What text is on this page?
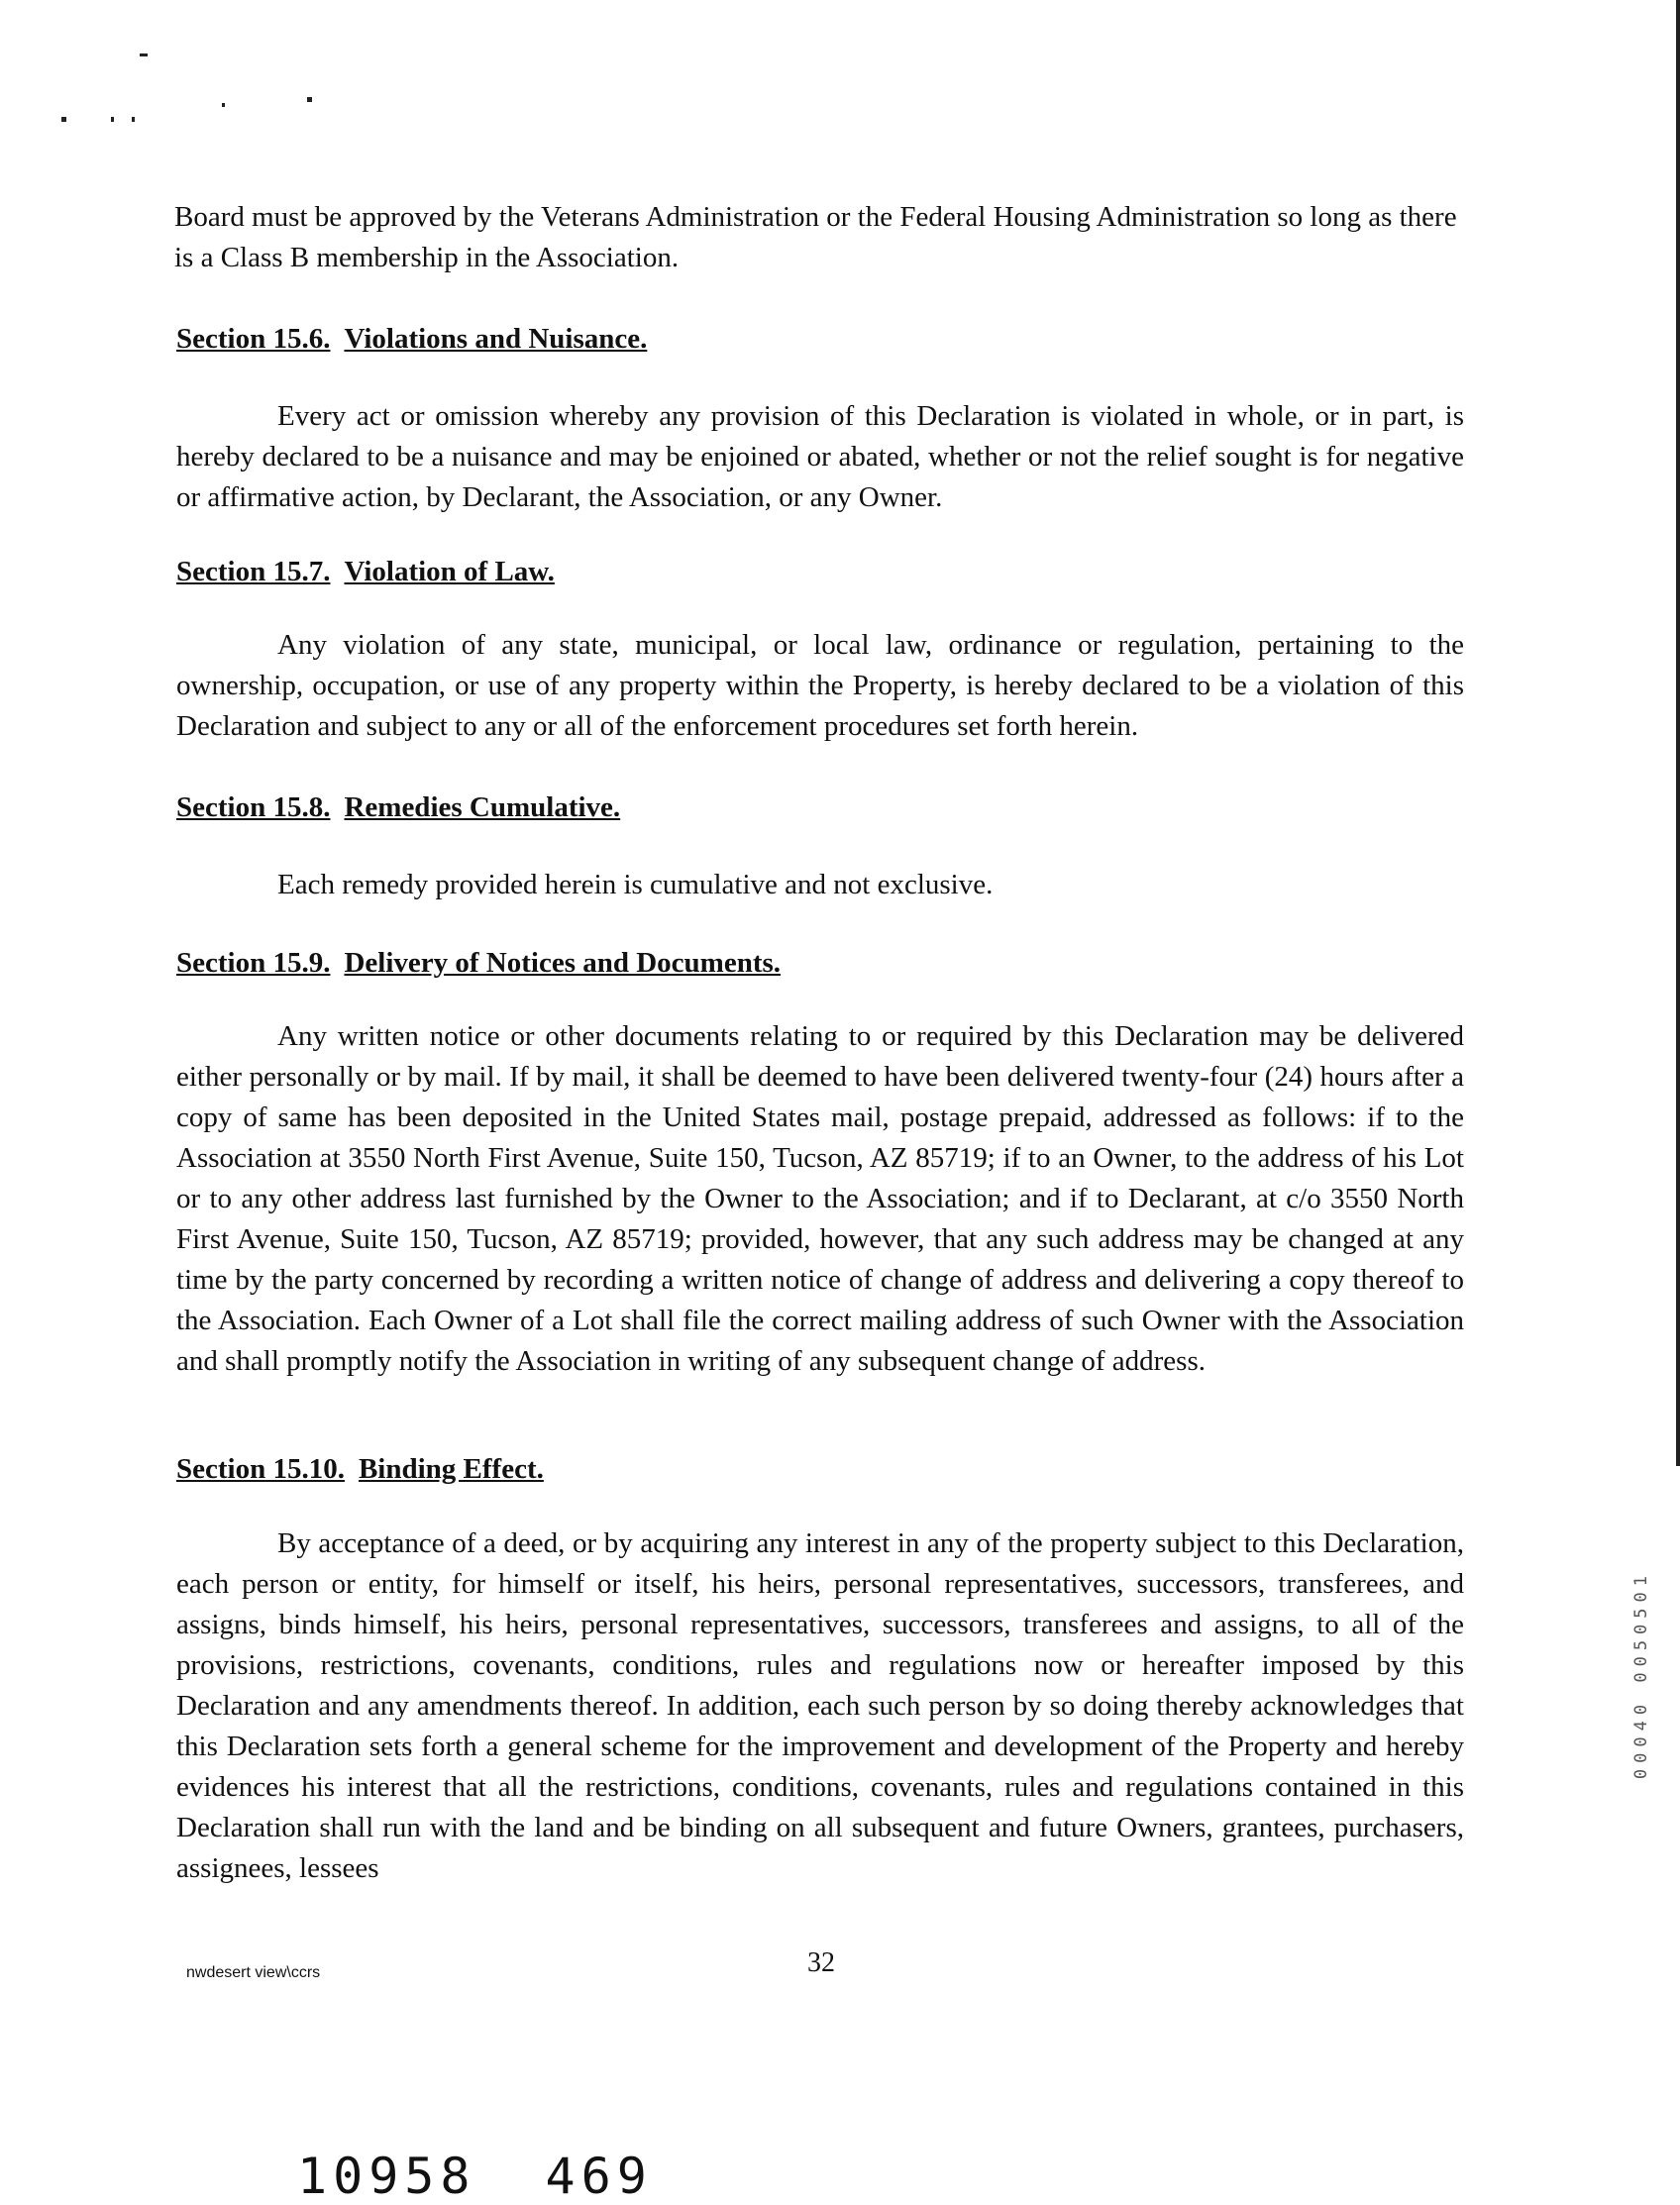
Board must be approved by the Veterans Administration or the Federal Housing Administration so long as there is a Class B membership in the Association.
Section 15.6. Violations and Nuisance.
Every act or omission whereby any provision of this Declaration is violated in whole, or in part, is hereby declared to be a nuisance and may be enjoined or abated, whether or not the relief sought is for negative or affirmative action, by Declarant, the Association, or any Owner.
Section 15.7. Violation of Law.
Any violation of any state, municipal, or local law, ordinance or regulation, pertaining to the ownership, occupation, or use of any property within the Property, is hereby declared to be a violation of this Declaration and subject to any or all of the enforcement procedures set forth herein.
Section 15.8. Remedies Cumulative.
Each remedy provided herein is cumulative and not exclusive.
Section 15.9. Delivery of Notices and Documents.
Any written notice or other documents relating to or required by this Declaration may be delivered either personally or by mail. If by mail, it shall be deemed to have been delivered twenty-four (24) hours after a copy of same has been deposited in the United States mail, postage prepaid, addressed as follows: if to the Association at 3550 North First Avenue, Suite 150, Tucson, AZ 85719; if to an Owner, to the address of his Lot or to any other address last furnished by the Owner to the Association; and if to Declarant, at c/o 3550 North First Avenue, Suite 150, Tucson, AZ 85719; provided, however, that any such address may be changed at any time by the party concerned by recording a written notice of change of address and delivering a copy thereof to the Association. Each Owner of a Lot shall file the correct mailing address of such Owner with the Association and shall promptly notify the Association in writing of any subsequent change of address.
Section 15.10. Binding Effect.
By acceptance of a deed, or by acquiring any interest in any of the property subject to this Declaration, each person or entity, for himself or itself, his heirs, personal representatives, successors, transferees, and assigns, binds himself, his heirs, personal representatives, successors, transferees and assigns, to all of the provisions, restrictions, covenants, conditions, rules and regulations now or hereafter imposed by this Declaration and any amendments thereof. In addition, each such person by so doing thereby acknowledges that this Declaration sets forth a general scheme for the improvement and development of the Property and hereby evidences his interest that all the restrictions, conditions, covenants, rules and regulations contained in this Declaration shall run with the land and be binding on all subsequent and future Owners, grantees, purchasers, assignees, lessees
nwdesert view\ccrs	32
10958 469
00040 0050501
